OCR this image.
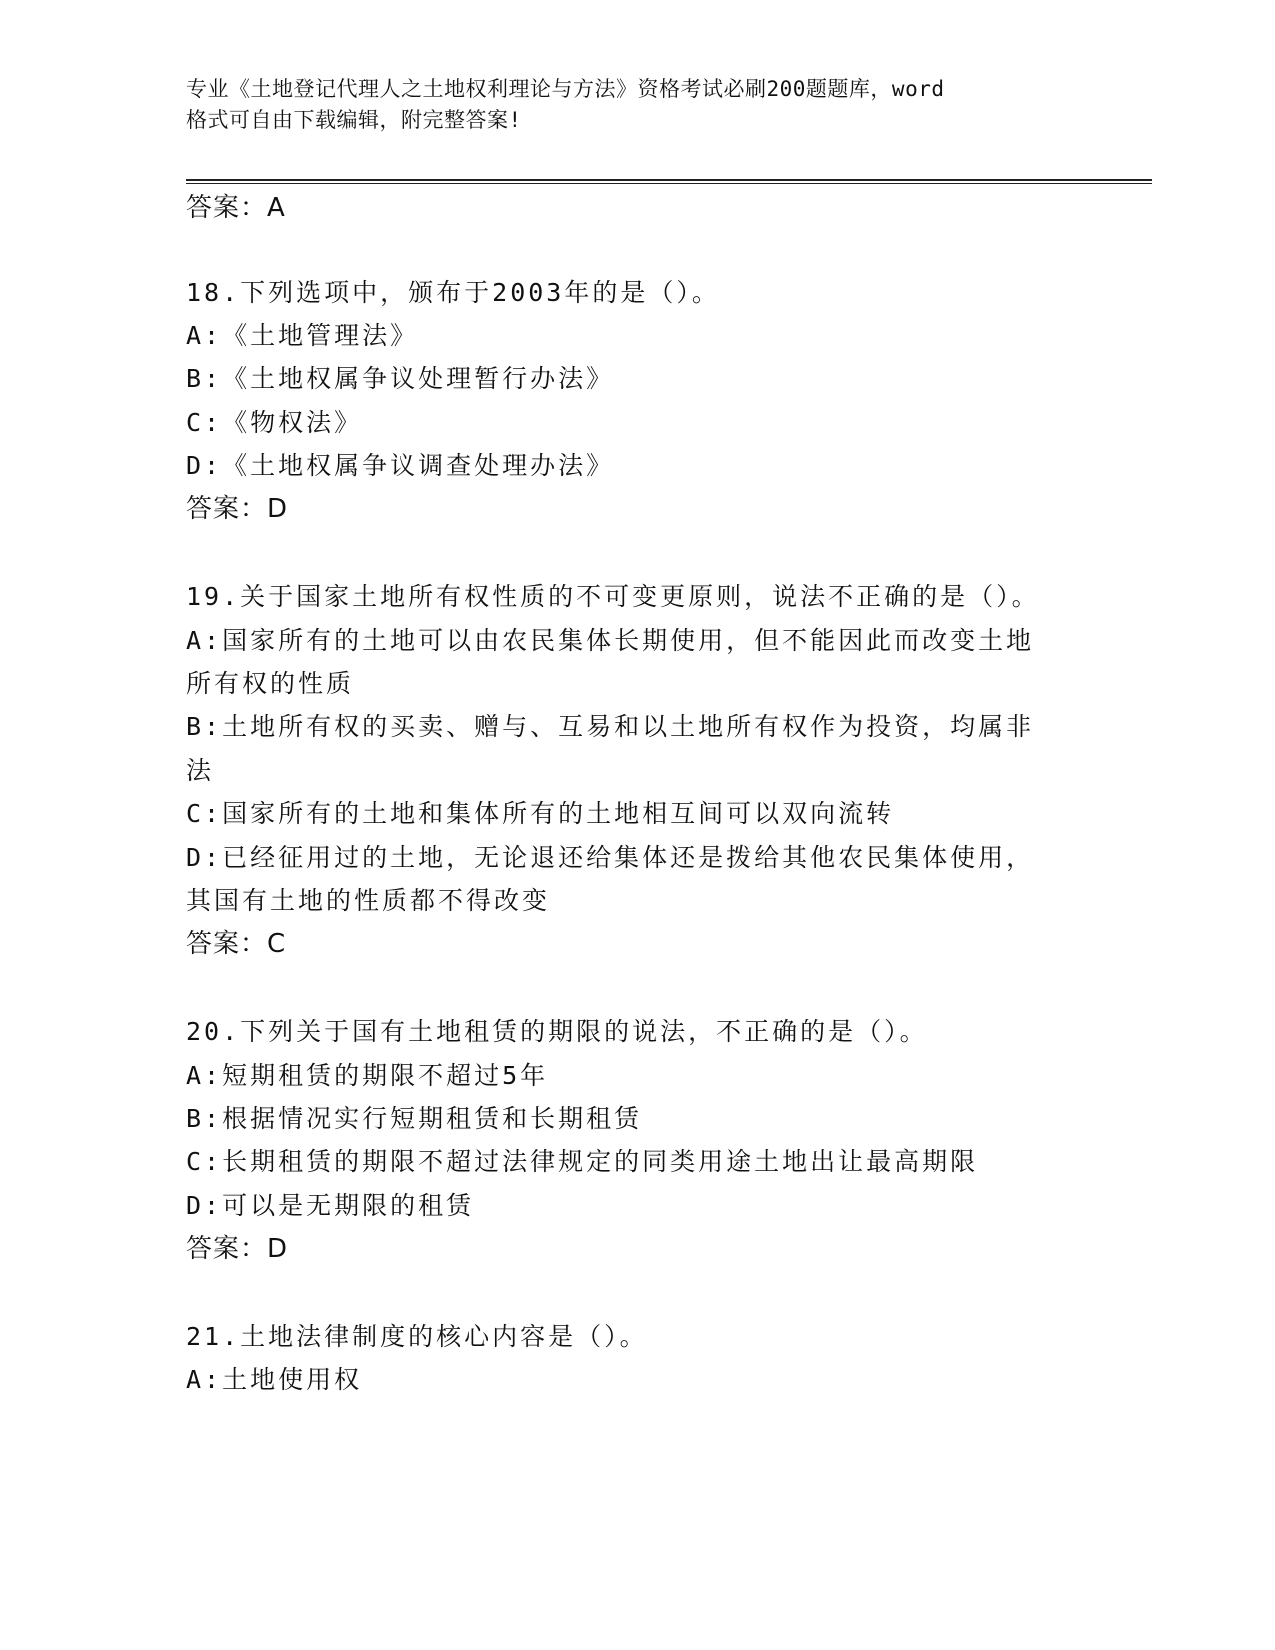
专业《土地登记代理人之土地权利理论与方法》资格考试必刷200题题库，word
格式可自由下载编辑，附完整答案!
答案：A
18.下列选项中，颁布于2003年的是（）。
A:《土地管理法》
B:《土地权属争议处理暂行办法》
C:《物权法》
D:《土地权属争议调查处理办法》
答案：D
19.关于国家土地所有权性质的不可变更原则，说法不正确的是（）。
A:国家所有的土地可以由农民集体长期使用，但不能因此而改变土地
所有权的性质
B:土地所有权的买卖、赠与、互易和以土地所有权作为投资，均属非
法
C:国家所有的土地和集体所有的土地相互间可以双向流转
D:已经征用过的土地，无论退还给集体还是拨给其他农民集体使用，
其国有土地的性质都不得改变
答案：C
20.下列关于国有土地租赁的期限的说法，不正确的是（）。
A:短期租赁的期限不超过5年
B:根据情况实行短期租赁和长期租赁
C:长期租赁的期限不超过法律规定的同类用途土地出让最高期限
D:可以是无期限的租赁
答案：D
21.土地法律制度的核心内容是（）。
A:土地使用权
